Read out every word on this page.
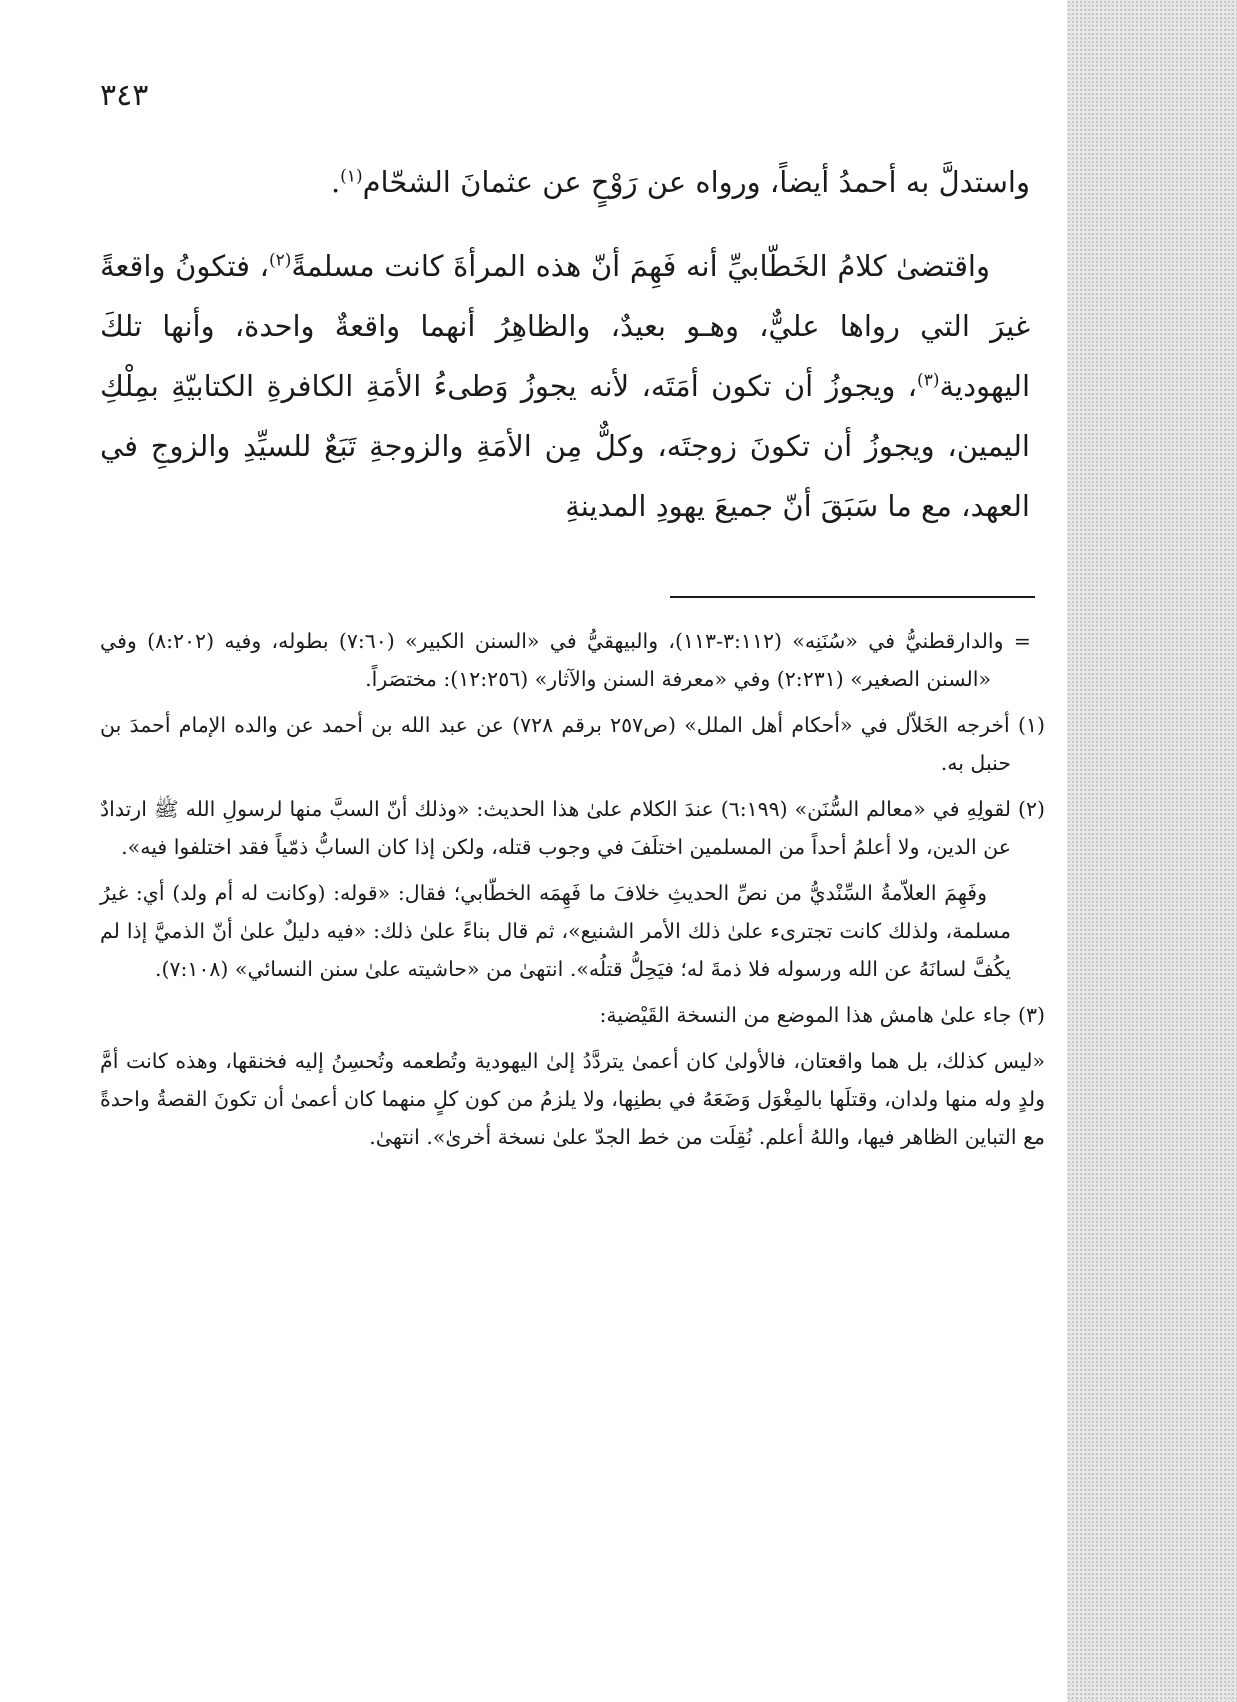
٣٤٣

واستدلَّ به أحمدُ أيضاً، ورواه عن رَوْحٍ عن عثمانَ الشحّام$^{(١)}$.

واقتضىٰ كلامُ الخَطّابيِّ أنه فَهِمَ أنّ هذه المرأةَ كانت مسلمةً$^{(٢)}$، فتكونُ واقعةً غيرَ التي رواها عليٌّ، وهـو بعيدٌ، والظاهِرُ أنهما واقعةٌ واحدة، وأنها تلكَ اليهودية$^{(٣)}$، ويجوزُ أن تكون أمَتَه، لأنه يجوزُ وَطىءُ الأمَةِ الكافرةِ الكتابيّةِ بمِلْكِ اليمين، ويجوزُ أن تكونَ زوجتَه، وكلٌّ مِن الأمَةِ والزوجةِ تَبَعٌ للسيِّدِ والزوجِ في العهد، مع ما سَبَقَ أنّ جميعَ يهودِ المدينةِ

= والدارقطنيُّ في «سُنَنِه» (٣:١١٢-١١٣)، والبيهقيُّ في «السنن الكبير» (٧:٦٠) بطوله، وفيه (٨:٢٠٢) وفي «السنن الصغير» (٢:٢٣١) وفي «معرفة السنن والآثار» (١٢:٢٥٦): مختصَراً.

(١) أخرجه الخَلاّل في «أحكام أهل الملل» (ص٢٥٧ برقم ٧٢٨) عن عبد الله بن أحمد عن والده الإمام أحمدَ بن حنبل به.

(٢) لقولِهِ في «معالم السُّنَن» (٦:١٩٩) عندَ الكلام علىٰ هذا الحديث: «وذلك أنّ السبَّ منها لرسولِ الله ﷺ ارتدادٌ عن الدين، ولا أعلمُ أحداً من المسلمين اختلَفَ في وجوب قتله، ولكن إذا كان السابُّ ذمّياً فقد اختلفوا فيه».

وفَهِمَ العلاّمةُ السِّنْديُّ من نصِّ الحديثِ خلافَ ما فَهِمَه الخطّابي؛ فقال: «قوله: (وكانت له أم ولد) أي: غيرُ مسلمة، ولذلك كانت تجترىء علىٰ ذلك الأمر الشنيع»، ثم قال بناءً علىٰ ذلك: «فيه دليلٌ علىٰ أنّ الذميَّ إذا لم يكُفَّ لسانَهُ عن الله ورسوله فلا ذمةَ له؛ فيَحِلُّ قتلُه». انتهىٰ من «حاشيته علىٰ سنن النسائي» (٧:١٠٨).

(٣) جاء علىٰ هامش هذا الموضع من النسخة القَيْضية:

«ليس كذلك، بل هما واقعتان، فالأولىٰ كان أعمىٰ يتردَّدُ إلىٰ اليهودية وتُطعمه وتُحسِنُ إليه فخنقها، وهذه كانت أمَّ ولدٍ وله منها ولدان، وقتلَها بالمِغْوَل وَضَعَهُ في بطنِها، ولا يلزمُ من كون كلٍ منهما كان أعمىٰ أن تكونَ القصةُ واحدةً مع التباين الظاهر فيها، واللهُ أعلم. نُقِلَت من خط الجدّ علىٰ نسخة أخرىٰ». انتهىٰ.
